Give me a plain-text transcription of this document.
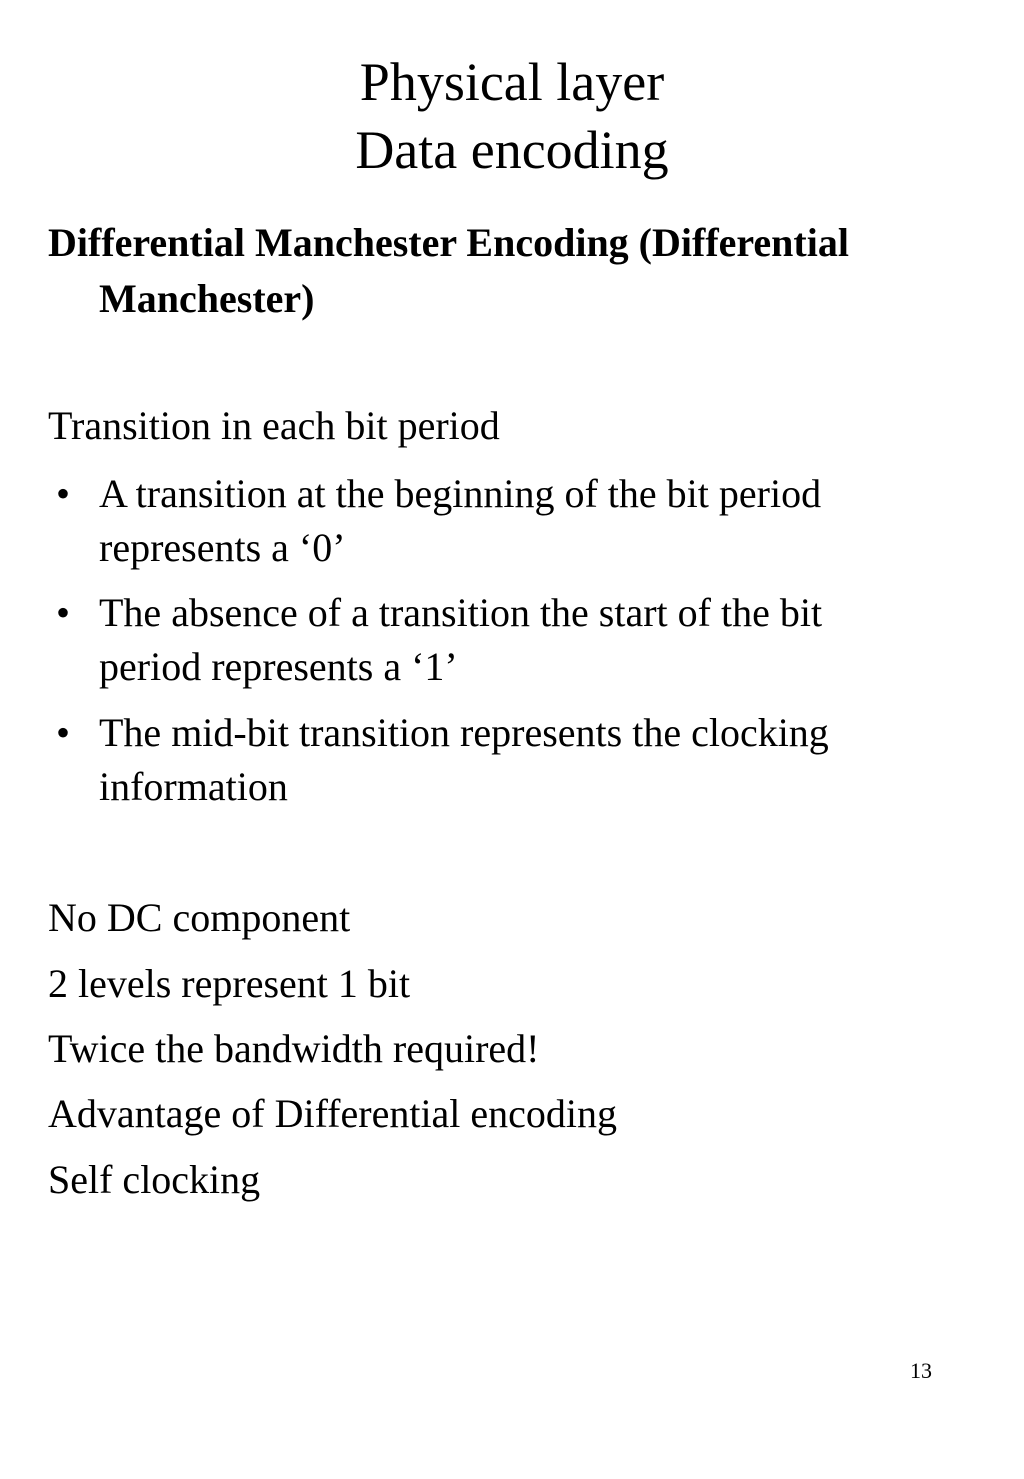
Physical layer
Data encoding
Differential Manchester Encoding (Differential
Manchester)
Transition in each bit period
• A transition at the beginning of the bit period
represents a ‘0’
• The absence of a transition the start of the bit
period represents a ‘1’
• The mid-bit transition represents the clocking
information
No DC component
2 levels represent 1 bit
Twice the bandwidth required!
Advantage of Differential encoding
Self clocking
13
